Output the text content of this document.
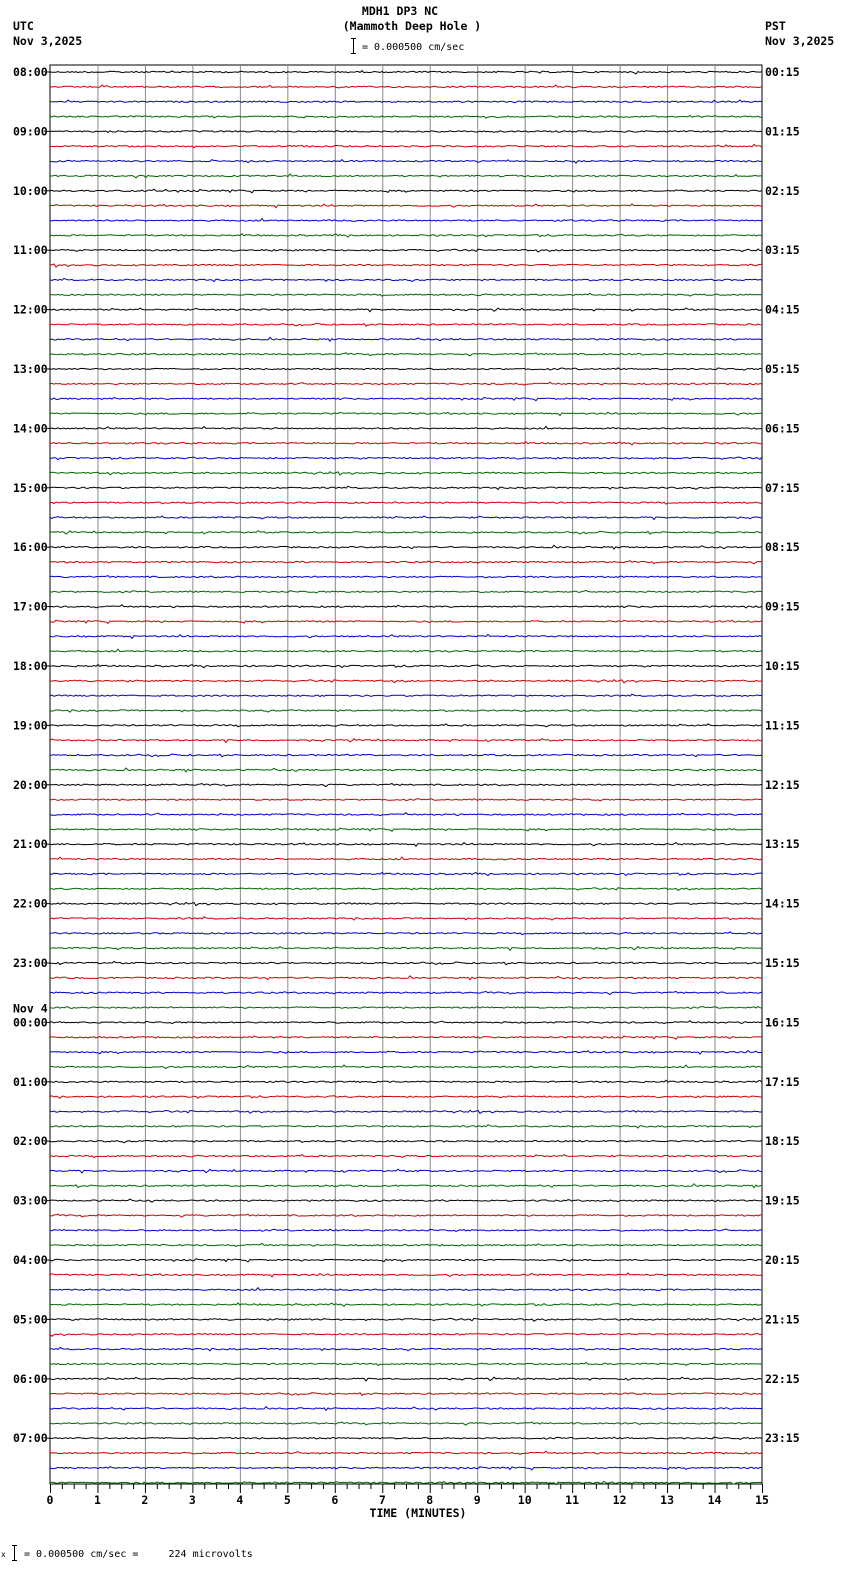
MDH1 DP3 NC
(Mammoth Deep Hole )
UTC
Nov 3,2025
PST
Nov 3,2025
= 0.000500 cm/sec
08:00
09:00
10:00
11:00
12:00
13:00
14:00
15:00
16:00
17:00
18:00
19:00
20:00
21:00
22:00
23:00
00:00
01:00
02:00
03:00
04:00
05:00
06:00
07:00
00:15
01:15
02:15
03:15
04:15
05:15
06:15
07:15
08:15
09:15
10:15
11:15
12:15
13:15
14:15
15:15
16:15
17:15
18:15
19:15
20:15
21:15
22:15
23:15
Nov 4
0	1	2	3	4	5	6	7	8	9	10	11	12	13	14	15
TIME (MINUTES)
x = 0.000500 cm/sec =     224 microvolts
